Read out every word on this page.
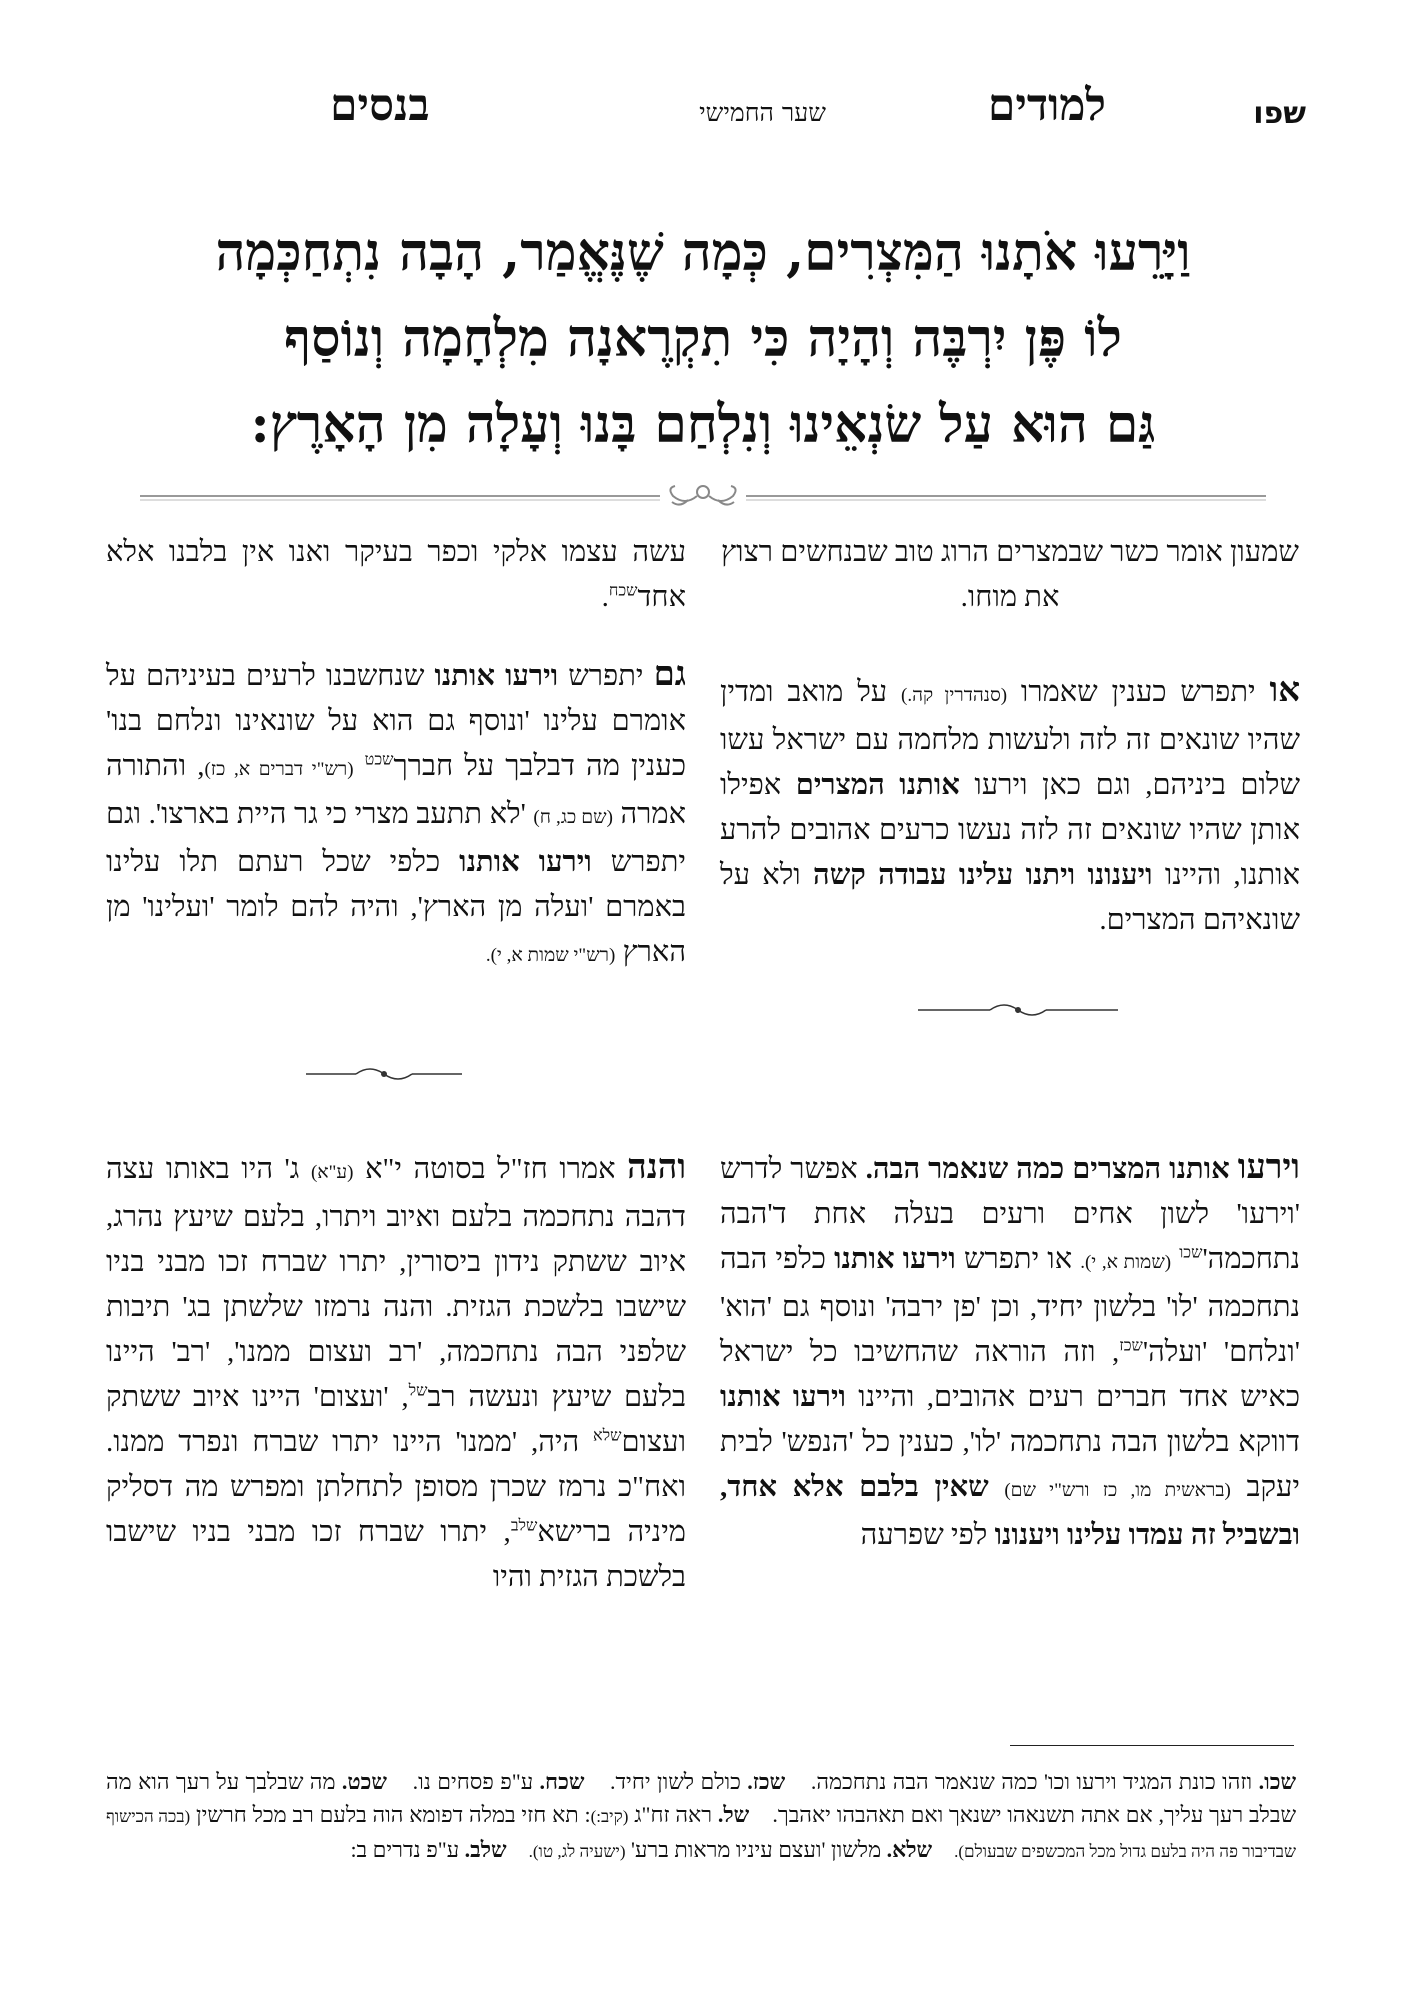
שפו
למודים
שער החמישי
בנסים
וַיָּרֵעוּ אֹתָנוּ הַמִּצְרִים, כְּמָה שֶׁנֶּאֱמַר, הָבָה נִתְחַכְּמָה
לוֹ פֶּן יִרְבֶּה וְהָיָה כִּי תִקְרֶאנָה מִלְחָמָה וְנוֹסַף
גַּם הוּא עַל שׂנְאֵינוּ וְנִלְחַם בָּנוּ וְעָלָה מִן הָאָרֶץ:

שמעון אומר כשר שבמצרים הרוג טוב שבנחשים רצוץ את מוחו.

או יתפרש כענין שאמרו (סנהדרין קה.) על מואב ומדין שהיו שונאים זה לזה ולעשות מלחמה עם ישראל עשו שלום ביניהם, וגם כאן וירעו אותנו המצרים אפילו אותן שהיו שונאים זה לזה נעשו כרעים אהובים להרע אותנו, והיינו ויענונו ויתנו עלינו עבודה קשה ולא על שונאיהם המצרים.

וירעו אותנו המצרים כמה שנאמר הבה. אפשר לדרש 'וירעו' לשון אחים ורעים בעלה אחת ד'הבה נתחכמה'$^{שכו}$ (שמות א, י). או יתפרש וירעו אותנו כלפי הבה נתחכמה 'לו' בלשון יחיד, וכן 'פן ירבה' ונוסף גם 'הוא' 'ונלחם' 'ועלה'$^{שכז}$, וזה הוראה שהחשיבו כל ישראל כאיש אחד חברים רעים אהובים, והיינו וירעו אותנו דווקא בלשון הבה נתחכמה 'לו', כענין כל 'הנפש' לבית יעקב (בראשית מו, כז ורש"י שם) שאין בלבם אלא אחד, ובשביל זה עמדו עלינו ויענונו לפי שפרעה

עשה עצמו אלקי וכפר בעיקר ואנו אין בלבנו אלא אחד$^{שכח}$.

גם יתפרש וירעו אותנו שנחשבנו לרעים בעיניהם על אומרם עלינו 'ונוסף גם הוא על שונאינו ונלחם בנו' כענין מה דבלבך על חברך$^{שכט}$ (רש"י דברים א, כז), והתורה אמרה (שם כג, ח) 'לא תתעב מצרי כי גר היית בארצו'. וגם יתפרש וירעו אותנו כלפי שכל רעתם תלו עלינו באמרם 'ועלה מן הארץ', והיה להם לומר 'ועלינו' מן הארץ (רש"י שמות א, י).

והנה אמרו חז"ל בסוטה י"א (ע"א) ג' היו באותו עצה דהבה נתחכמה בלעם ואיוב ויתרו, בלעם שיעץ נהרג, איוב ששתק נידון ביסורין, יתרו שברח זכו מבני בניו שישבו בלשכת הגזית. והנה נרמזו שלשתן בג' תיבות שלפני הבה נתחכמה, 'רב ועצום ממנו', 'רב' היינו בלעם שיעץ ונעשה רב$^{של}$, 'ועצום' היינו איוב ששתק ועצום$^{שלא}$ היה, 'ממנו' היינו יתרו שברח ונפרד ממנו. ואח"כ נרמז שכרן מסופן לתחלתן ומפרש מה דסליק מיניה ברישא$^{שלב}$, יתרו שברח זכו מבני בניו שישבו בלשכת הגזית והיו

שכו. וזהו כונת המגיד וירעו וכו' כמה שנאמר הבה נתחכמה.    שכז. כולם לשון יחיד.    שכח. ע"פ פסחים נו.    שכט. מה שבלבך על רעך הוא מה שבלב רעך עליך, אם אתה תשנאהו ישנאך ואם תאהבהו יאהבך.    של. ראה זח"ג (קיב:): תא חזי במלה דפומא הוה בלעם רב מכל חרשין (בכה הכישוף שבדיבור פה היה בלעם גדול מכל המכשפים שבעולם).    שלא. מלשון 'ועצם עיניו מראות ברע' (ישעיה לג, טו).    שלב. ע"פ נדרים ב:
